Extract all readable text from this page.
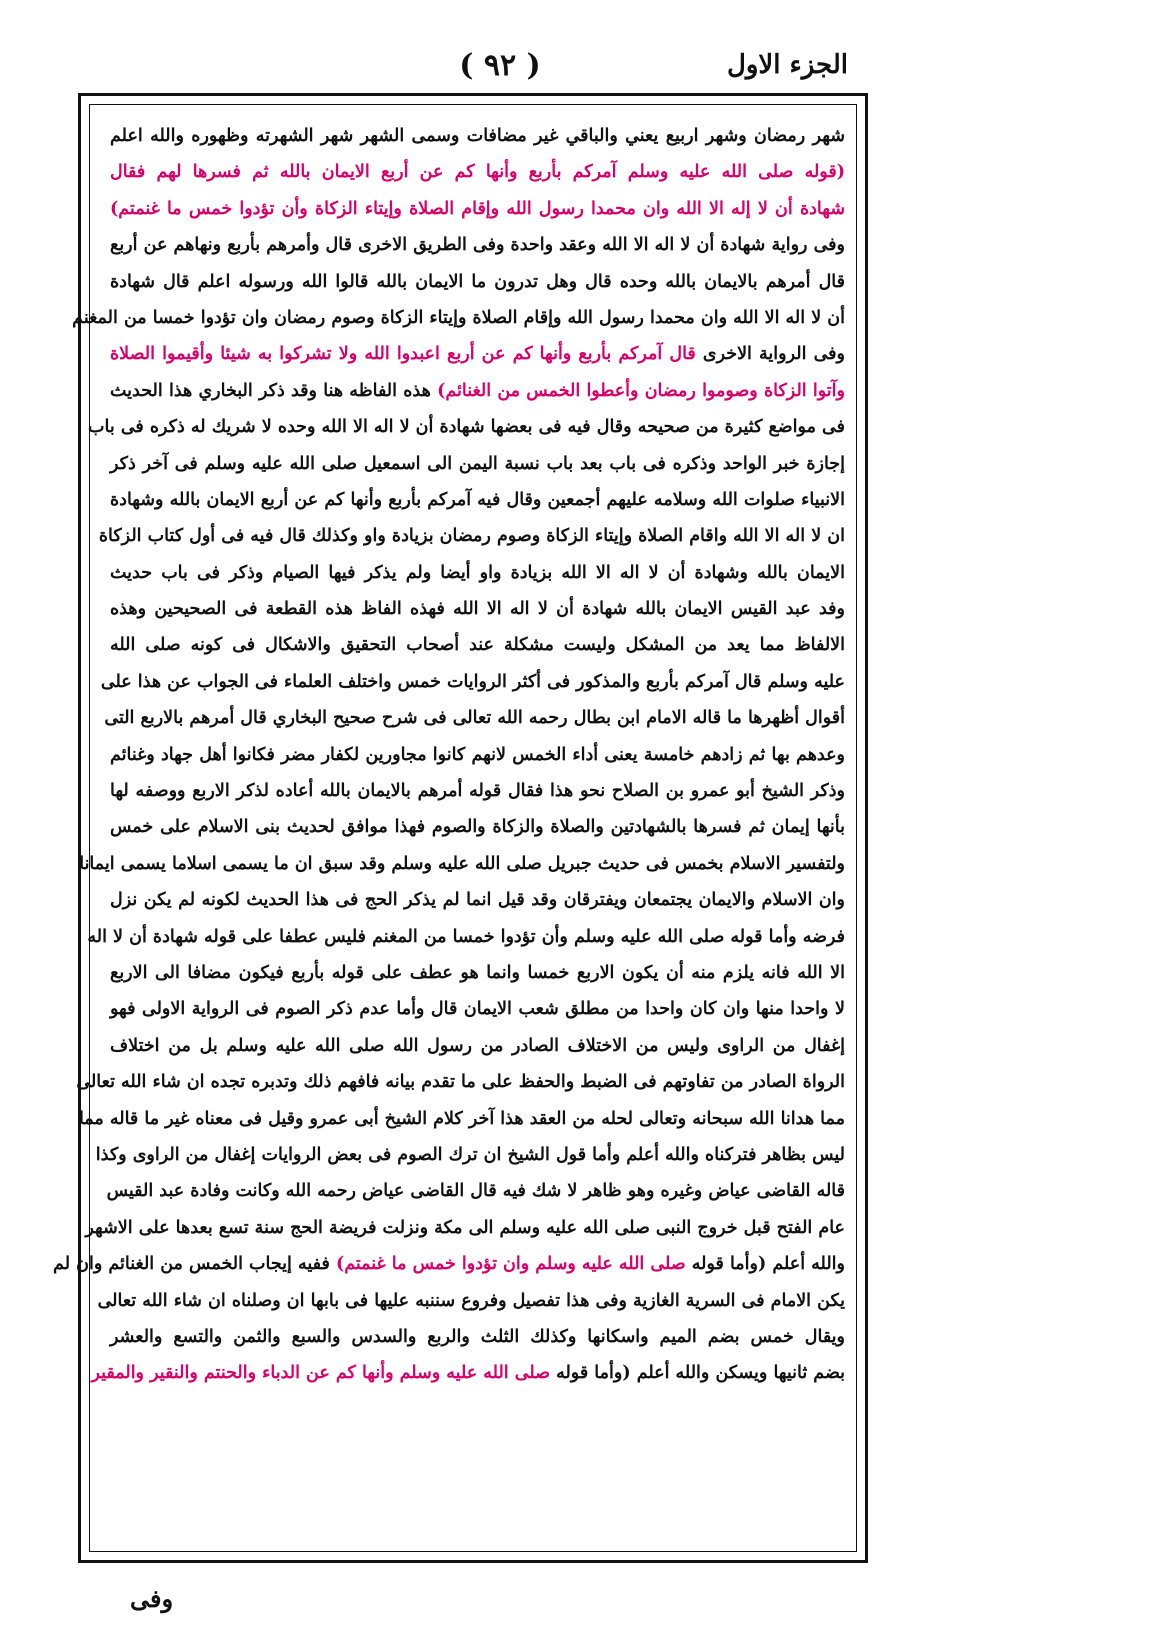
( ٩٢ )	الجزء الاول
شهر رمضان وشهر اربيع يعني والباقي غير مضافات وسمى الشهر شهر الشهرته وظهوره والله اعلم
(قوله صلى الله عليه وسلم آمركم بأربع وأنها كم عن أربع الايمان بالله ثم فسرها لهم فقال
شهادة أن لا إله الا الله وان محمدا رسول الله وإقام الصلاة وإيتاء الزكاة وأن تؤدوا خمس ما غنمتم)
وفى رواية شهادة أن لا اله الا الله وعقد واحدة وفى الطريق الاخرى قال وأمرهم بأربع ونهاهم عن أربع
قال أمرهم بالايمان بالله وحده قال وهل تدرون ما الايمان بالله قالوا الله ورسوله اعلم قال شهادة
أن لا اله الا الله وان محمدا رسول الله وإقام الصلاة وإيتاء الزكاة وصوم رمضان وان تؤدوا خمسا من المغنم
وفى الرواية الاخرى قال آمركم بأربع وأنها كم عن أربع اعبدوا الله ولا تشركوا به شيئا وأقيموا الصلاة
وآتوا الزكاة وصوموا رمضان وأعطوا الخمس من الغنائم) هذه الفاظه هنا وقد ذكر البخاري هذا الحديث
فى مواضع كثيرة من صحيحه وقال فيه فى بعضها شهادة أن لا اله الا الله وحده لا شريك له ذكره فى باب
إجازة خبر الواحد وذكره فى باب بعد باب نسبة اليمن الى اسمعيل صلى الله عليه وسلم فى آخر ذكر
الانبياء صلوات الله وسلامه عليهم أجمعين وقال فيه آمركم بأربع وأنها كم عن أربع الايمان بالله وشهادة
ان لا اله الا الله واقام الصلاة وإيتاء الزكاة وصوم رمضان بزيادة واو وكذلك قال فيه فى أول كتاب الزكاة
الايمان بالله وشهادة أن لا اله الا الله بزيادة واو أيضا ولم يذكر فيها الصيام وذكر فى باب حديث
وفد عبد القيس الايمان بالله شهادة أن لا اله الا الله فهذه الفاظ هذه القطعة فى الصحيحين وهذه
الالفاظ مما يعد من المشكل وليست مشكلة عند أصحاب التحقيق والاشكال فى كونه صلى الله
عليه وسلم قال آمركم بأربع والمذكور فى أكثر الروايات خمس واختلف العلماء فى الجواب عن هذا على
أقوال أظهرها ما قاله الامام ابن بطال رحمه الله تعالى فى شرح صحيح البخاري قال أمرهم بالاربع التى
وعدهم بها ثم زادهم خامسة يعنى أداء الخمس لانهم كانوا مجاورين لكفار مضر فكانوا أهل جهاد وغنائم
وذكر الشيخ أبو عمرو بن الصلاح نحو هذا فقال قوله أمرهم بالايمان بالله أعاده لذكر الاربع ووصفه لها
بأنها إيمان ثم فسرها بالشهادتين والصلاة والزكاة والصوم فهذا موافق لحديث بنى الاسلام على خمس
ولتفسير الاسلام بخمس فى حديث جبريل صلى الله عليه وسلم وقد سبق ان ما يسمى اسلاما يسمى ايمانا
وان الاسلام والايمان يجتمعان ويفترقان وقد قيل انما لم يذكر الحج فى هذا الحديث لكونه لم يكن نزل
فرضه وأما قوله صلى الله عليه وسلم وأن تؤدوا خمسا من المغنم فليس عطفا على قوله شهادة أن لا اله
الا الله فانه يلزم منه أن يكون الاربع خمسا وانما هو عطف على قوله بأربع فيكون مضافا الى الاربع
لا واحدا منها وان كان واحدا من مطلق شعب الايمان قال وأما عدم ذكر الصوم فى الرواية الاولى فهو
إغفال من الراوى وليس من الاختلاف الصادر من رسول الله صلى الله عليه وسلم بل من اختلاف
الرواة الصادر من تفاوتهم فى الضبط والحفظ على ما تقدم بيانه فافهم ذلك وتدبره تجده ان شاء الله تعالى
مما هدانا الله سبحانه وتعالى لحله من العقد هذا آخر كلام الشيخ أبى عمرو وقيل فى معناه غير ما قاله مما
ليس بظاهر فتركناه والله أعلم وأما قول الشيخ ان ترك الصوم فى بعض الروايات إغفال من الراوى وكذا
قاله القاضى عياض وغيره وهو ظاهر لا شك فيه قال القاضى عياض رحمه الله وكانت وفادة عبد القيس
عام الفتح قبل خروج النبى صلى الله عليه وسلم الى مكة ونزلت فريضة الحج سنة تسع بعدها على الاشهر
والله أعلم (وأما قوله صلى الله عليه وسلم وان تؤدوا خمس ما غنمتم) ففيه إيجاب الخمس من الغنائم وان لم
يكن الامام فى السرية الغازية وفى هذا تفصيل وفروع سننبه عليها فى بابها ان وصلناه ان شاء الله تعالى
ويقال خمس بضم الميم واسكانها وكذلك الثلث والربع والسدس والسبع والثمن والتسع والعشر
بضم ثانيها ويسكن والله أعلم (وأما قوله صلى الله عليه وسلم وأنها كم عن الدباء والحنتم والنقير والمقير
وفى
